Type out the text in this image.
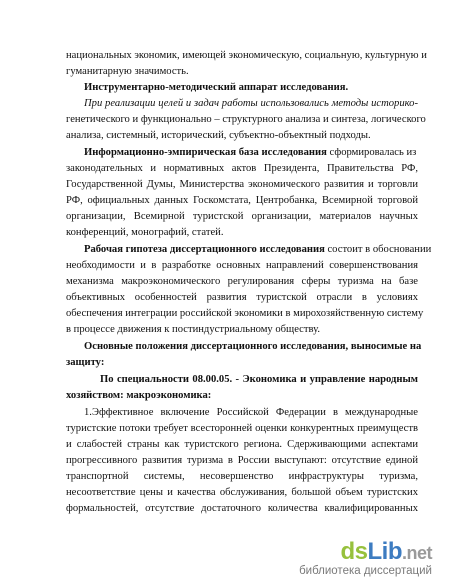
национальных экономик, имеющей экономическую, социальную, культурную и
гуманитарную значимость.
Инструментарно-методический аппарат исследования.
При реализации целей и задач работы использовались методы историко-
генетического и функционально – структурного анализа и синтеза, логического
анализа, системный, исторический, субъектно-объектный подходы.
Информационно-эмпирическая база исследования сформировалась из
законодательных и нормативных актов Президента, Правительства РФ,
Государственной Думы, Министерства экономического развития и торговли
РФ, официальных данных Госкомстата, Центробанка, Всемирной торговой
организации, Всемирной туристской организации, материалов научных
конференций, монографий, статей.
Рабочая гипотеза диссертационного исследования состоит в обосновании
необходимости и в разработке основных направлений совершенствования
механизма макроэкономического регулирования сферы туризма на базе
объективных особенностей развития туристской отрасли в условиях
обеспечения интеграции российской экономики в мирохозяйственную систему
в процессе движения к постиндустриальному обществу.
Основные положения диссертационного исследования, выносимые на
защиту:
По специальности 08.00.05. - Экономика и управление народным
хозяйством: макроэкономика:
1.Эффективное включение Российской Федерации в международные
туристские потоки требует всесторонней оценки конкурентных преимуществ
и слабостей страны как туристского региона. Сдерживающими аспектами
прогрессивного развития туризма в России выступают: отсутствие единой
транспортной системы, несовершенство инфраструктуры туризма,
несоответствие цены и качества обслуживания, большой объем туристских
формальностей, отсутствие достаточного количества квалифицированных
dsLib.net
библиотека диссертаций
